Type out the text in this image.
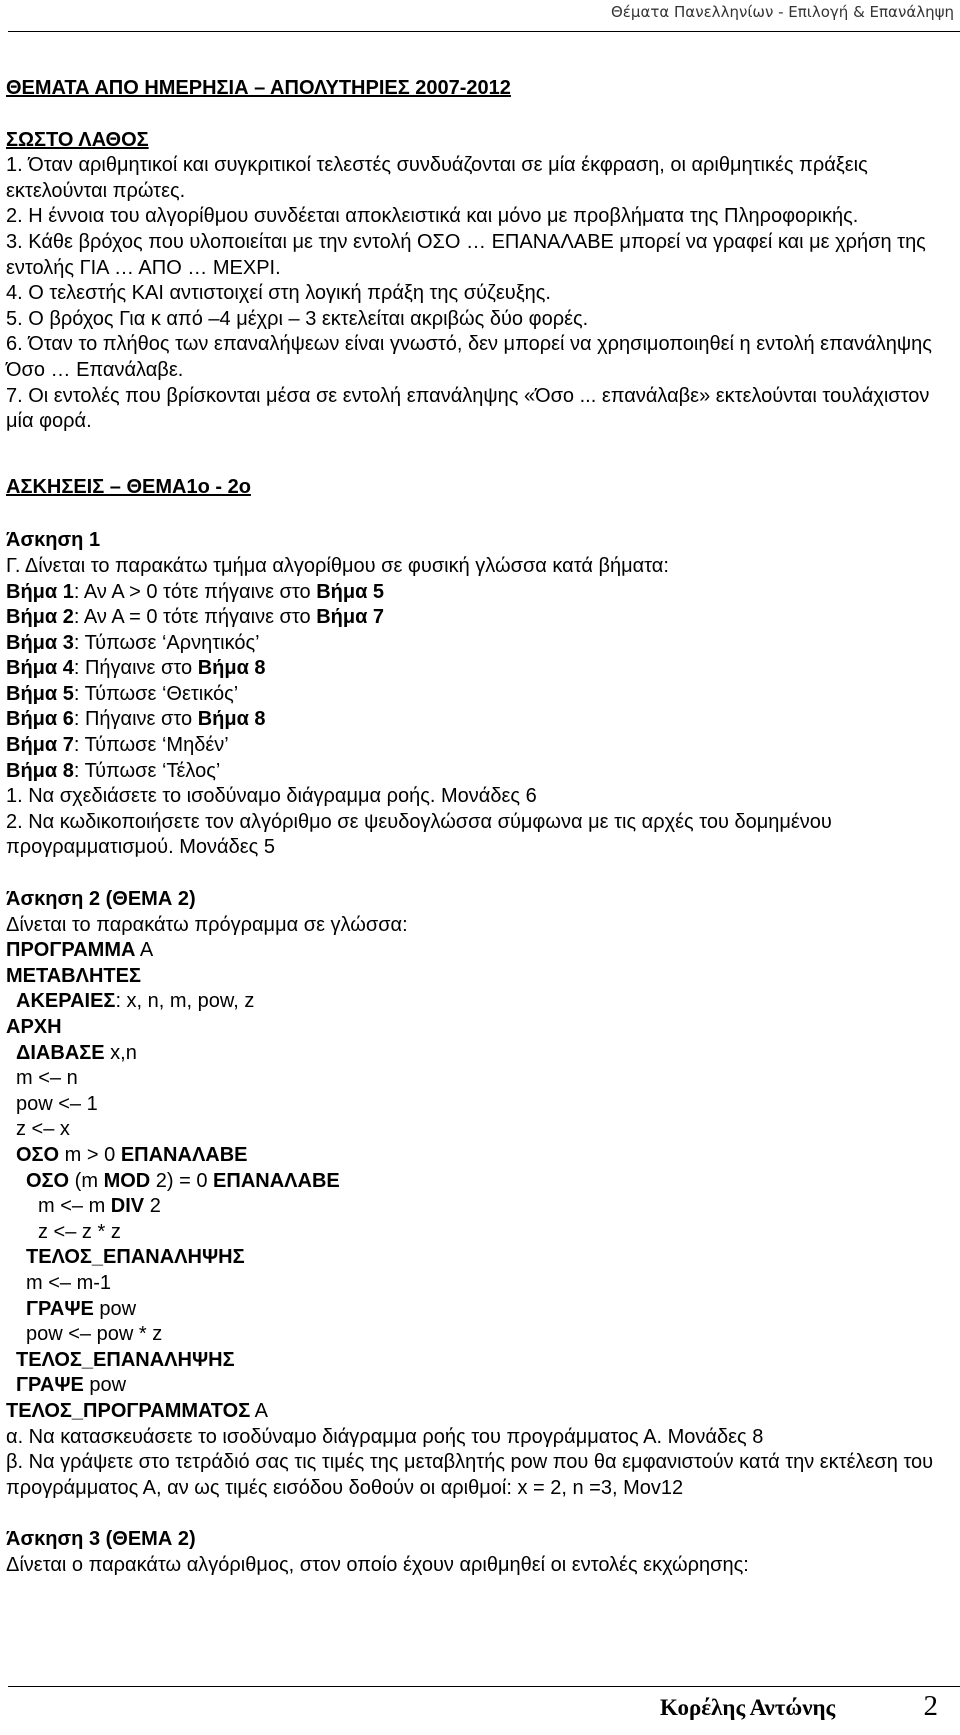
Θέματα Πανελληνίων - Επιλογή & Επανάληψη

ΘΕΜΑΤΑ ΑΠΟ ΗΜΕΡΗΣΙΑ – ΑΠΟΛΥΤΗΡΙΕΣ 2007-2012

ΣΩΣΤΟ ΛΑΘΟΣ

1. Όταν αριθμητικοί και συγκριτικοί τελεστές συνδυάζονται σε μία έκφραση, οι αριθμητικές πράξεις εκτελούνται πρώτες.

2. Η έννοια του αλγορίθμου συνδέεται αποκλειστικά και μόνο με προβλήματα της Πληροφορικής.

3. Κάθε βρόχος που υλοποιείται με την εντολή ΟΣΟ … ΕΠΑΝΑΛΑΒΕ μπορεί να γραφεί και με χρήση της εντολής ΓΙΑ … ΑΠΟ … ΜΕΧΡΙ.

4. Ο τελεστής ΚΑΙ αντιστοιχεί στη λογική πράξη της σύζευξης.

5. Ο βρόχος Για κ από –4 μέχρι – 3 εκτελείται ακριβώς δύο φορές.

6. Όταν το πλήθος των επαναλήψεων είναι γνωστό, δεν μπορεί να χρησιμοποιηθεί η εντολή επανάληψης Όσο … Επανάλαβε.

7. Οι εντολές που βρίσκονται μέσα σε εντολή επανάληψης «Όσο ... επανάλαβε» εκτελούνται τουλάχιστον μία φορά.

ΑΣΚΗΣΕΙΣ – ΘΕΜΑ1ο - 2ο

Άσκηση 1

Γ. Δίνεται το παρακάτω τμήμα αλγορίθμου σε φυσική γλώσσα κατά βήματα:

Βήμα 1: Αν Α > 0 τότε πήγαινε στο Βήμα 5

Βήμα 2: Αν Α = 0 τότε πήγαινε στο Βήμα 7

Βήμα 3: Τύπωσε ‘Αρνητικός’

Βήμα 4: Πήγαινε στο Βήμα 8

Βήμα 5: Τύπωσε ‘Θετικός’

Βήμα 6: Πήγαινε στο Βήμα 8

Βήμα 7: Τύπωσε ‘Μηδέν’

Βήμα 8: Τύπωσε ‘Τέλος’

1. Να σχεδιάσετε το ισοδύναμο διάγραμμα ροής. Μονάδες 6

2. Να κωδικοποιήσετε τον αλγόριθμο σε ψευδογλώσσα σύμφωνα με τις αρχές του δομημένου προγραμματισμού. Μονάδες 5

Άσκηση 2 (ΘΕΜΑ 2)

Δίνεται το παρακάτω πρόγραμμα σε γλώσσα:

ΠΡΟΓΡΑΜΜΑ Α

ΜΕΤΑΒΛΗΤΕΣ

ΑΚΕΡΑΙΕΣ: x, n, m, pow, z

ΑΡΧΗ

ΔΙΑΒΑΣΕ x,n

m <– n

pow <– 1

z <– x

ΟΣΟ m > 0 ΕΠΑΝΑΛΑΒΕ

ΟΣΟ (m MOD 2) = 0 ΕΠΑΝΑΛΑΒΕ

m <– m DIV 2

z <– z * z

ΤΕΛΟΣ_ΕΠΑΝΑΛΗΨΗΣ

m <– m-1

ΓΡΑΨΕ pow

pow <– pow * z

ΤΕΛΟΣ_ΕΠΑΝΑΛΗΨΗΣ

ΓΡΑΨΕ pow

ΤΕΛΟΣ_ΠΡΟΓΡΑΜΜΑΤΟΣ Α

α. Να κατασκευάσετε το ισοδύναμο διάγραμμα ροής του προγράμματος Α. Μονάδες 8

β. Να γράψετε στο τετράδιό σας τις τιμές της μεταβλητής pow που θα εμφανιστούν κατά την εκτέλεση του προγράμματος Α, αν ως τιμές εισόδου δοθούν οι αριθμοί: x = 2, n =3, Mov12

Άσκηση 3 (ΘΕΜΑ 2)

Δίνεται ο παρακάτω αλγόριθμος, στον οποίο έχουν αριθμηθεί οι εντολές εκχώρησης:

Κορέλης Αντώνης	2
